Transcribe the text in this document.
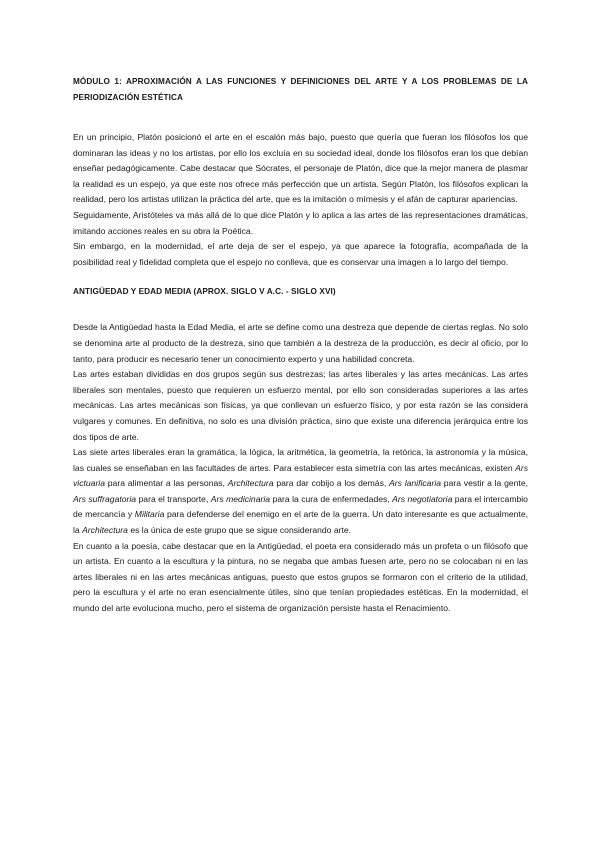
MÓDULO 1: APROXIMACIÓN A LAS FUNCIONES Y DEFINICIONES DEL ARTE Y A LOS PROBLEMAS DE LA PERIODIZACIÓN ESTÉTICA

En un principio, Platón posicionó el arte en el escalón más bajo, puesto que quería que fueran los filósofos los que dominaran las ideas y no los artistas, por ello los excluía en su sociedad ideal, donde los filósofos eran los que debían enseñar pedagógicamente. Cabe destacar que Sócrates, el personaje de Platón, dice que la mejor manera de plasmar la realidad es un espejo, ya que este nos ofrece más perfección que un artista. Según Platón, los filósofos explican la realidad, pero los artistas utilizan la práctica del arte, que es la imitación o mímesis y el afán de capturar apariencias.

Seguidamente, Aristóteles va más allá de lo que dice Platón y lo aplica a las artes de las representaciones dramáticas, imitando acciones reales en su obra la Poética.

Sin embargo, en la modernidad, el arte deja de ser el espejo, ya que aparece la fotografía, acompañada de la posibilidad real y fidelidad completa que el espejo no conlleva, que es conservar una imagen a lo largo del tiempo.

ANTIGÜEDAD Y EDAD MEDIA (APROX. SIGLO V A.C. - SIGLO XVI)

Desde la Antigüedad hasta la Edad Media, el arte se define como una destreza que depende de ciertas reglas. No solo se denomina arte al producto de la destreza, sino que también a la destreza de la producción, es decir al oficio, por lo tanto, para producir es necesario tener un conocimiento experto y una habilidad concreta.

Las artes estaban divididas en dos grupos según sus destrezas; las artes liberales y las artes mecánicas. Las artes liberales son mentales, puesto que requieren un esfuerzo mental, por ello son consideradas superiores a las artes mecánicas. Las artes mecánicas son físicas, ya que conllevan un esfuerzo físico, y por esta razón se las considera vulgares y comunes. En definitiva, no solo es una división práctica, sino que existe una diferencia jerárquica entre los dos tipos de arte.

Las siete artes liberales eran la gramática, la lógica, la aritmética, la geometría, la retórica, la astronomía y la música, las cuales se enseñaban en las facultades de artes. Para establecer esta simetría con las artes mecánicas, existen Ars victuaria para alimentar a las personas, Architectura para dar cobijo a los demás, Ars lanificaria para vestir a la gente, Ars suffragatoria para el transporte, Ars medicinaria para la cura de enfermedades, Ars negotiatoria para el intercambio de mercancía y Militaria para defenderse del enemigo en el arte de la guerra. Un dato interesante es que actualmente, la Architectura es la única de este grupo que se sigue considerando arte.

En cuanto a la poesía, cabe destacar que en la Antigüedad, el poeta era considerado más un profeta o un filósofo que un artista. En cuanto a la escultura y la pintura, no se negaba que ambas fuesen arte, pero no se colocaban ni en las artes liberales ni en las artes mecánicas antiguas, puesto que estos grupos se formaron con el criterio de la utilidad, pero la escultura y el arte no eran esencialmente útiles, sino que tenían propiedades estéticas. En la modernidad, el mundo del arte evoluciona mucho, pero el sistema de organización persiste hasta el Renacimiento.
